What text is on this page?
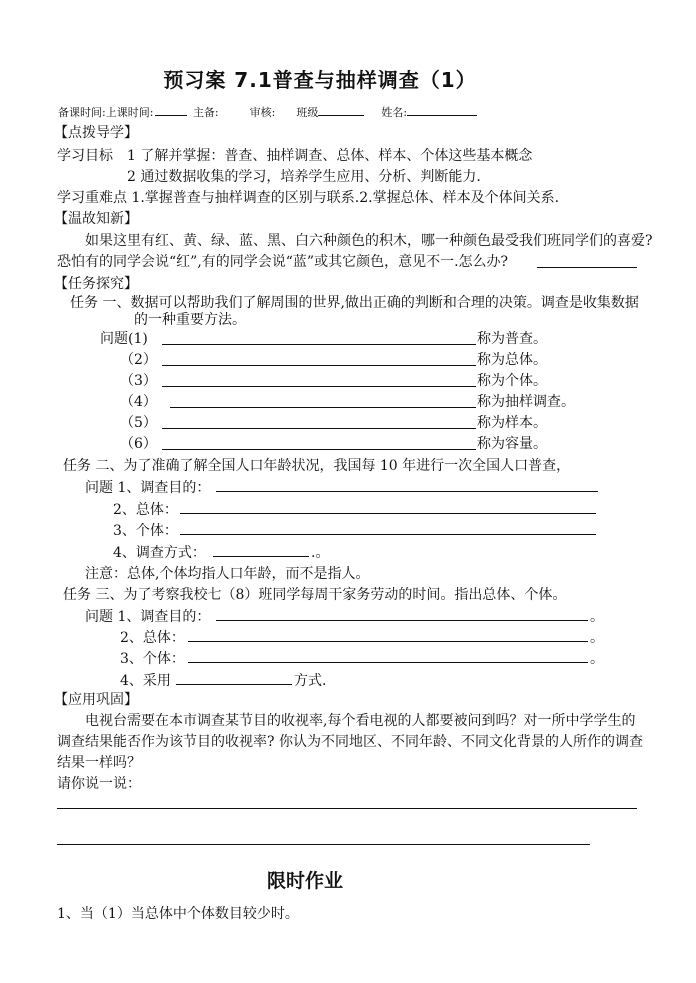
预习案 7.1普查与抽样调查（1）
备课时间:上课时间:	主备:	审核: 班级	姓名:
【点拨导学】
学习目标 1 了解并掌握：普查、抽样调查、总体、样本、个体这些基本概念
2 通过数据收集的学习，培养学生应用、分析、判断能力.
学习重难点 1.掌握普查与抽样调查的区别与联系.2.掌握总体、样本及个体间关系.
【温故知新】
如果这里有红、黄、绿、蓝、黑、白六种颜色的积木，哪一种颜色最受我们班同学们的喜爱?
恐怕有的同学会说“红”,有的同学会说“蓝”或其它颜色，意见不一.怎么办?
【任务探究】
任务 一、数据可以帮助我们了解周围的世界,做出正确的判断和合理的决策。调查是收集数据
的一种重要方法。
问题(1)	称为普查。
（2）	称为总体。
（3）	称为个体。
（4）	称为抽样调查。
（5）	称为样本。
（6）	称为容量。
任务 二、为了准确了解全国人口年龄状况，我国每 10 年进行一次全国人口普查，
问题 1、调查目的：
2、总体：
3、个体：
4、调查方式：	.。
注意：总体,个体均指人口年龄，而不是指人。
任务 三、为了考察我校七（8）班同学每周干家务劳动的时间。指出总体、个体。
问题 1、调查目的：	。
2、总体：	。
3、个体：	。
4、采用	方式.
【应用巩固】
电视台需要在本市调查某节目的收视率,每个看电视的人都要被问到吗？对一所中学学生的
调查结果能否作为该节目的收视率? 你认为不同地区、不同年龄、不同文化背景的人所作的调查
结果一样吗？
请你说一说：
限时作业
1、当（1）当总体中个体数目较少时。
